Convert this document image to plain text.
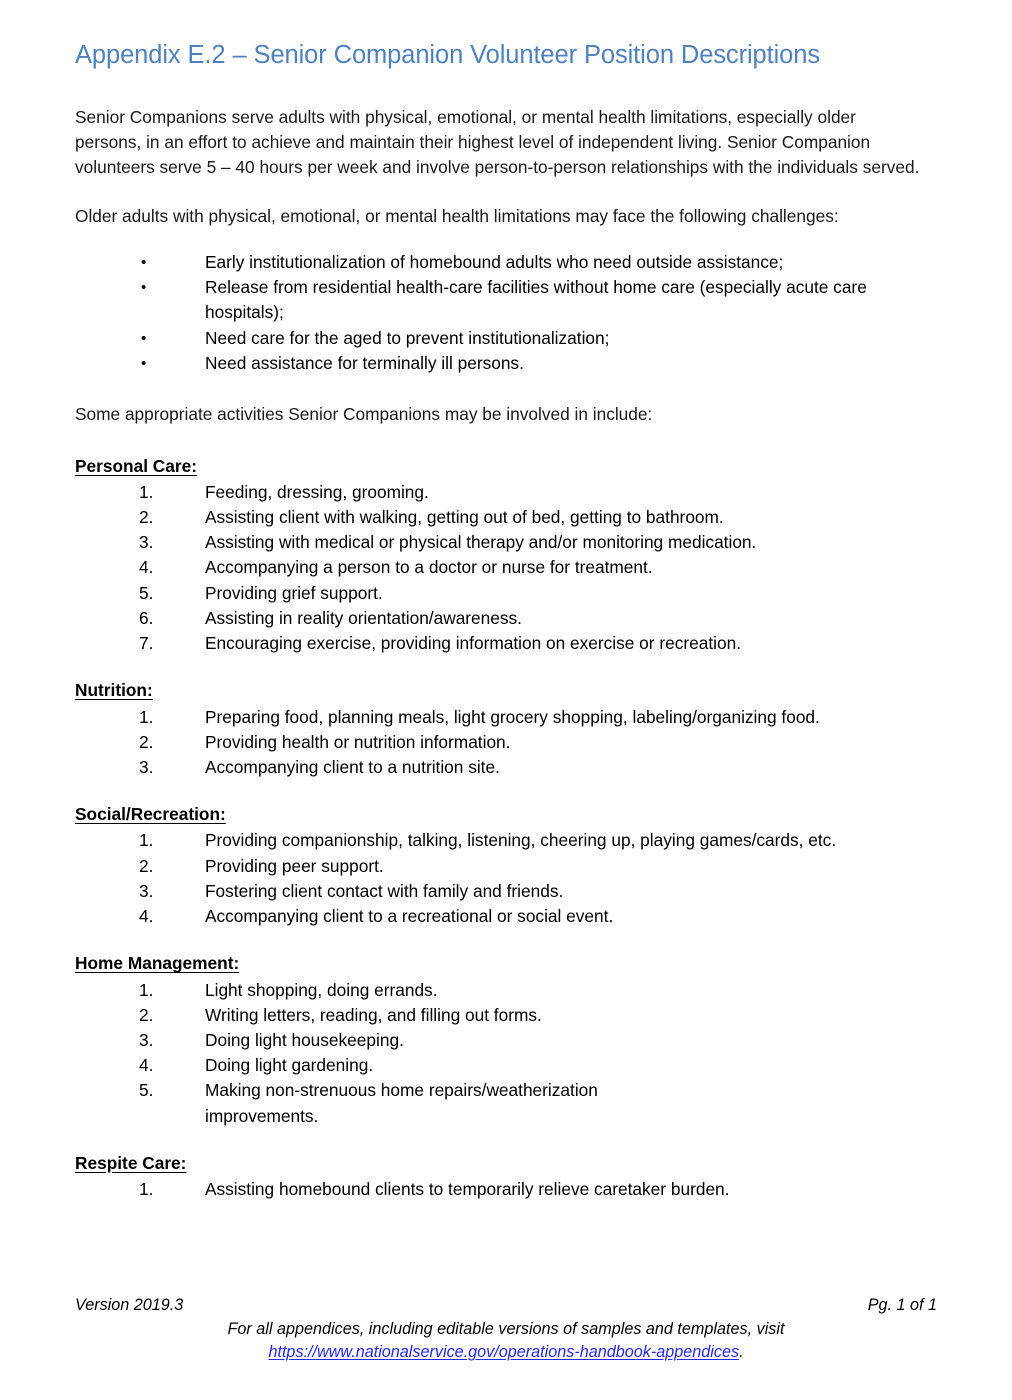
Appendix E.2 – Senior Companion Volunteer Position Descriptions

Senior Companions serve adults with physical, emotional, or mental health limitations, especially older persons, in an effort to achieve and maintain their highest level of independent living. Senior Companion volunteers serve 5 – 40 hours per week and involve person-to-person relationships with the individuals served.

Older adults with physical, emotional, or mental health limitations may face the following challenges:

•	Early institutionalization of homebound adults who need outside assistance;
•	Release from residential health-care facilities without home care (especially acute care hospitals);
•	Need care for the aged to prevent institutionalization;
•	Need assistance for terminally ill persons.

Some appropriate activities Senior Companions may be involved in include:

Personal Care:
1.	Feeding, dressing, grooming.
2.	Assisting client with walking, getting out of bed, getting to bathroom.
3.	Assisting with medical or physical therapy and/or monitoring medication.
4.	Accompanying a person to a doctor or nurse for treatment.
5.	Providing grief support.
6.	Assisting in reality orientation/awareness.
7.	Encouraging exercise, providing information on exercise or recreation.
Nutrition:
1.	Preparing food, planning meals, light grocery shopping, labeling/organizing food.
2.	Providing health or nutrition information.
3.	Accompanying client to a nutrition site.
Social/Recreation:
1.	Providing companionship, talking, listening, cheering up, playing games/cards, etc.
2.	Providing peer support.
3.	Fostering client contact with family and friends.
4.	Accompanying client to a recreational or social event.
Home Management:
1.	Light shopping, doing errands.
2.	Writing letters, reading, and filling out forms.
3.	Doing light housekeeping.
4.	Doing light gardening.
5.	Making non-strenuous home repairs/weatherization improvements.
Respite Care:
1.	Assisting homebound clients to temporarily relieve caretaker burden.
Version 2019.3	Pg. 1 of 1
For all appendices, including editable versions of samples and templates, visit
https://www.nationalservice.gov/operations-handbook-appendices.
